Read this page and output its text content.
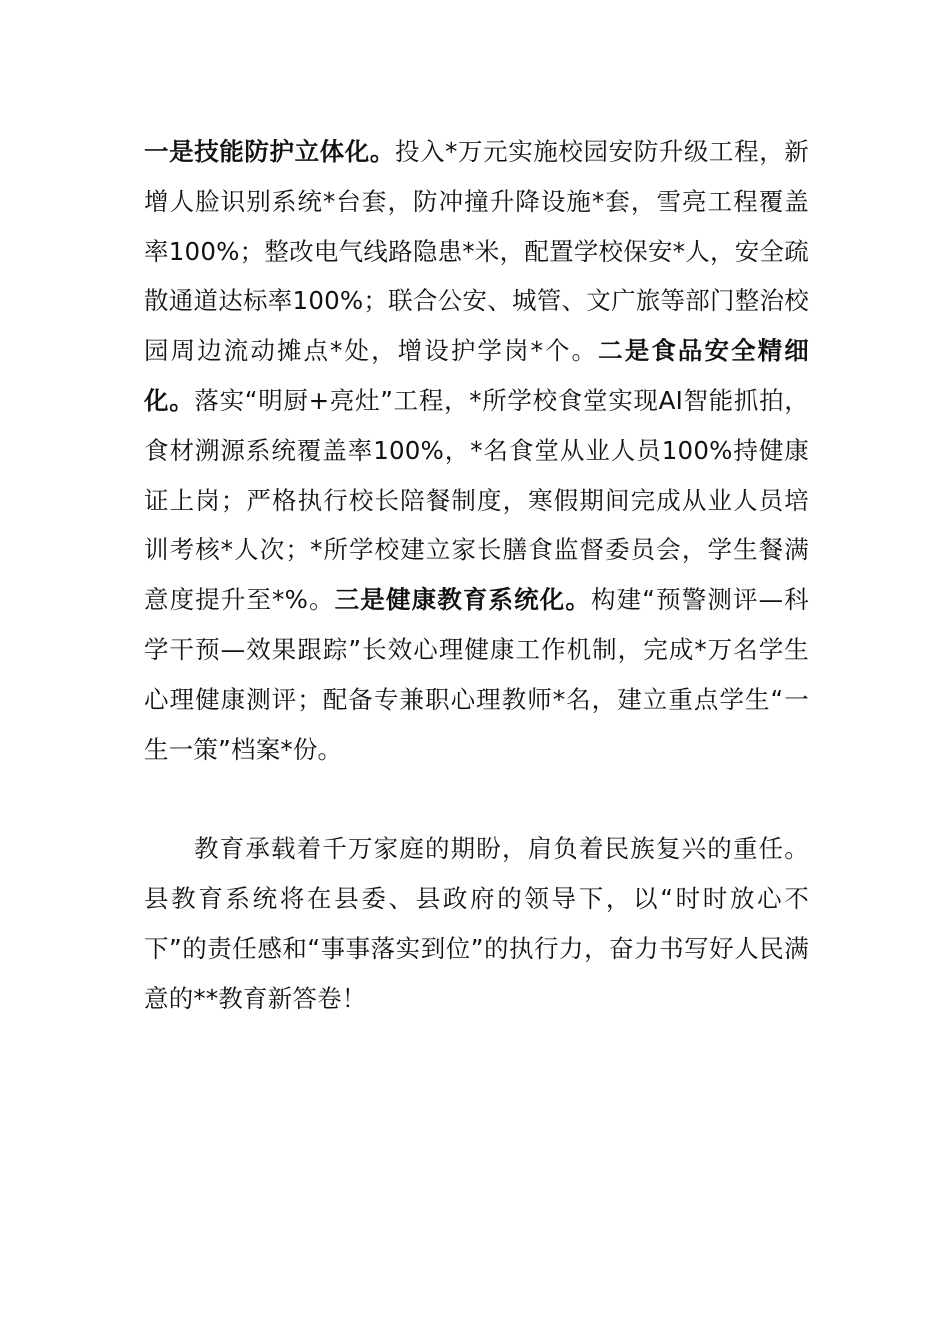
一是技能防护立体化。投入*万元实施校园安防升级工程，新增人脸识别系统*台套，防冲撞升降设施*套，雪亮工程覆盖率100%；整改电气线路隐患*米，配置学校保安*人，安全疏散通道达标率100%；联合公安、城管、文广旅等部门整治校园周边流动摊点*处，增设护学岗*个。二是食品安全精细化。落实“明厨+亮灶”工程，*所学校食堂实现AI智能抓拍，食材溯源系统覆盖率100%，*名食堂从业人员100%持健康证上岗；严格执行校长陪餐制度，寒假期间完成从业人员培训考核*人次；*所学校建立家长膳食监督委员会，学生餐满意度提升至*%。三是健康教育系统化。构建“预警测评—科学干预—效果跟踪”长效心理健康工作机制，完成*万名学生心理健康测评；配备专兼职心理教师*名，建立重点学生“一生一策”档案*份。

教育承载着千万家庭的期盼，肩负着民族复兴的重任。县教育系统将在县委、县政府的领导下，以“时时放心不下”的责任感和“事事落实到位”的执行力，奋力书写好人民满意的**教育新答卷！
